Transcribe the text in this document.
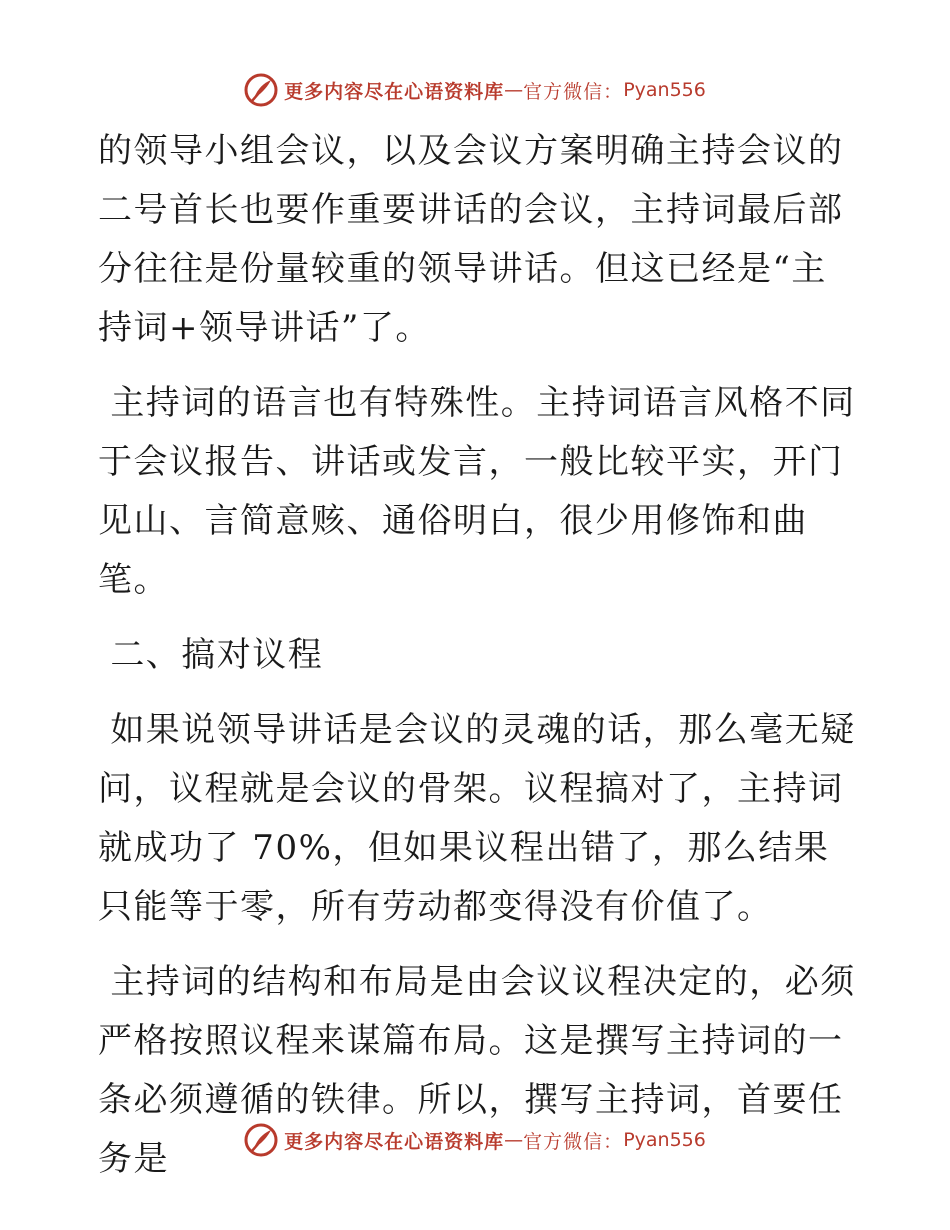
更多内容尽在心语资料库 — 官方微信： Pyan556

的领导小组会议，以及会议方案明确主持会议的二号首长也要作重要讲话的会议，主持词最后部分往往是份量较重的领导讲话。但这已经是“主持词+领导讲话”了。

主持词的语言也有特殊性。主持词语言风格不同于会议报告、讲话或发言，一般比较平实，开门见山、言简意赅、通俗明白，很少用修饰和曲笔。

二、搞对议程

如果说领导讲话是会议的灵魂的话，那么毫无疑问，议程就是会议的骨架。议程搞对了，主持词就成功了 70%，但如果议程出错了，那么结果只能等于零，所有劳动都变得没有价值了。

主持词的结构和布局是由会议议程决定的，必须严格按照议程来谋篇布局。这是撰写主持词的一条必须遵循的铁律。所以，撰写主持词，首要任务是	更多内容尽在心语资料库 — 官方微信： Pyan556
